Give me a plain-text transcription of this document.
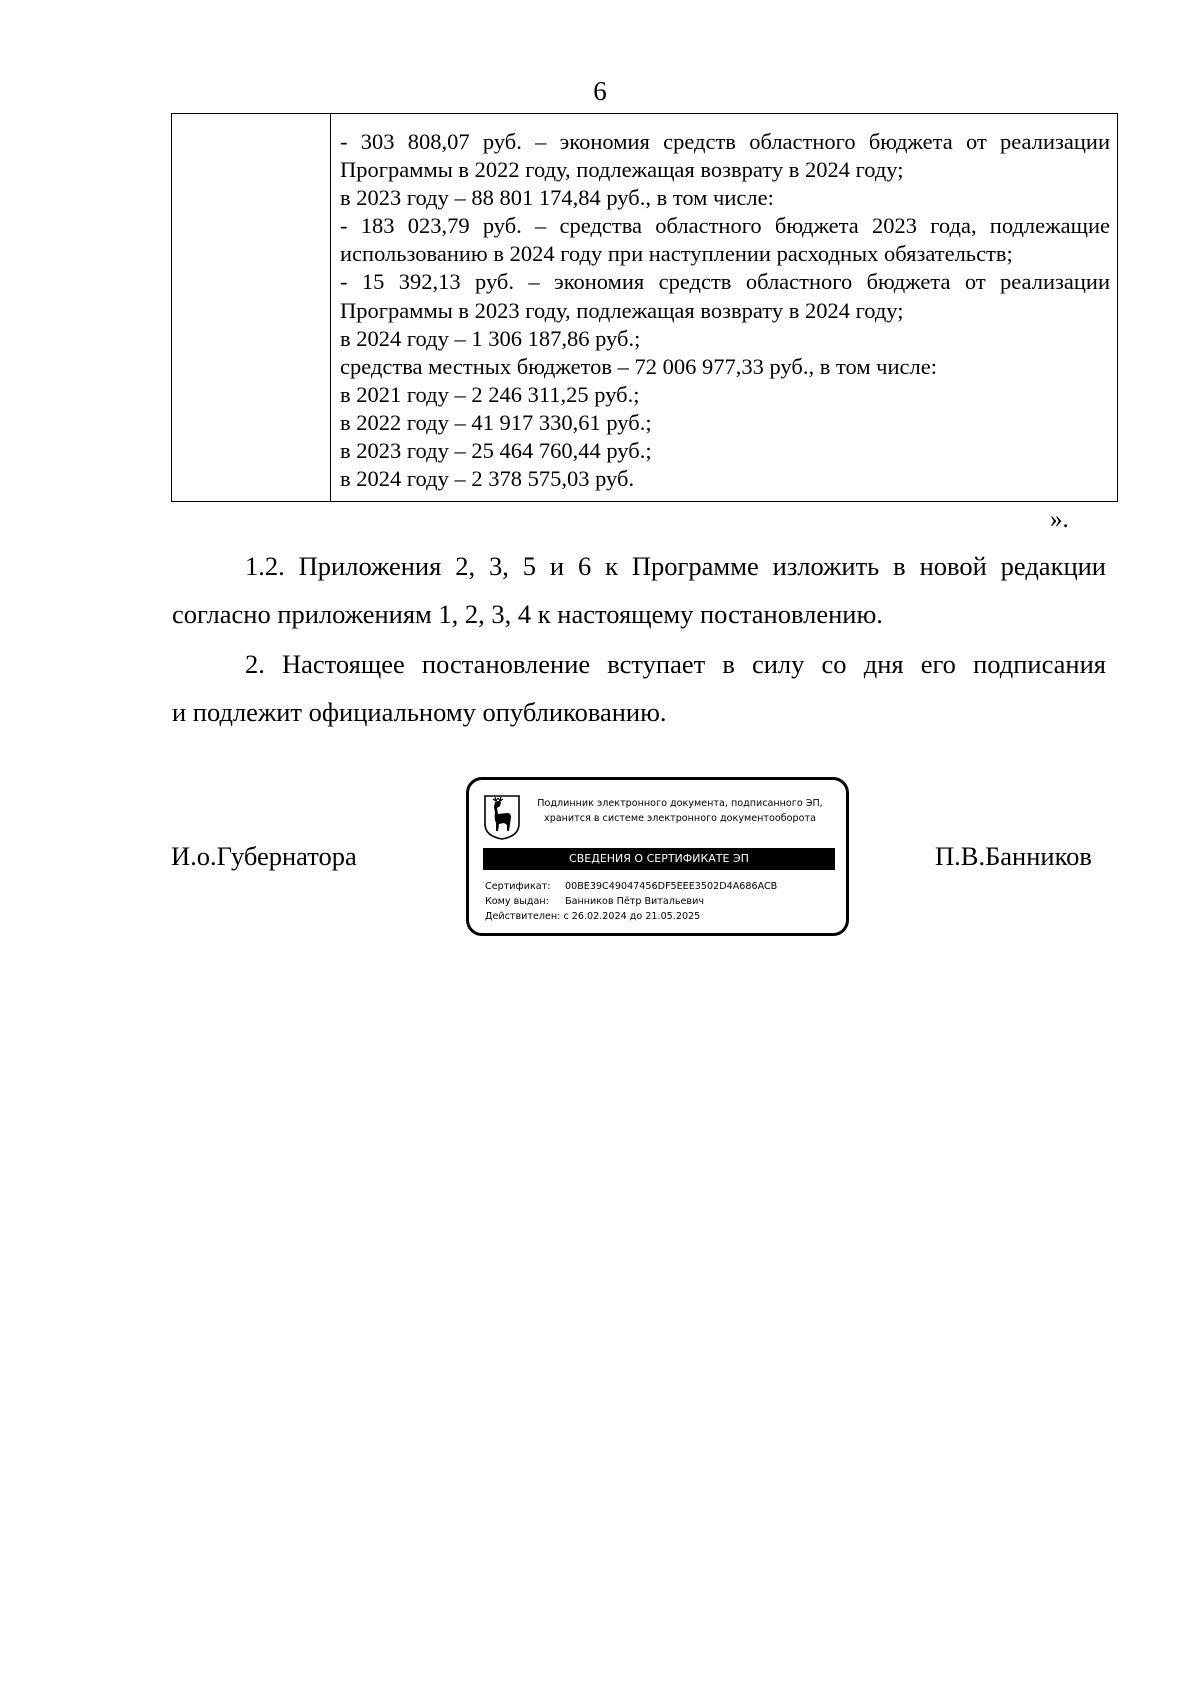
6

- 303 808,07 руб. – экономия средств областного бюджета от реализации
Программы в 2022 году, подлежащая возврату в 2024 году;
в 2023 году – 88 801 174,84 руб., в том числе:
- 183 023,79 руб. – средства областного бюджета 2023 года, подлежащие
использованию в 2024 году при наступлении расходных обязательств;
- 15 392,13 руб. – экономия средств областного бюджета от реализации
Программы в 2023 году, подлежащая возврату в 2024 году;
в 2024 году – 1 306 187,86 руб.;
средства местных бюджетов – 72 006 977,33 руб., в том числе:
в 2021 году – 2 246 311,25 руб.;
в 2022 году – 41 917 330,61 руб.;
в 2023 году – 25 464 760,44 руб.;
в 2024 году – 2 378 575,03 руб.
».
1.2. Приложения 2, 3, 5 и 6 к Программе изложить в новой редакции
согласно приложениям 1, 2, 3, 4 к настоящему постановлению.
2. Настоящее постановление вступает в силу со дня его подписания
и подлежит официальному опубликованию.
И.о.Губернатора	П.В.Банников
Подлинник электронного документа, подписанного ЭП,
хранится в системе электронного документооборота
СВЕДЕНИЯ О СЕРТИФИКАТЕ ЭП
Сертификат: 00BE39C49047456DF5EEE3502D4A686ACB
Кому выдан: Банников Пётр Витальевич
Действителен: с 26.02.2024 до 21.05.2025
